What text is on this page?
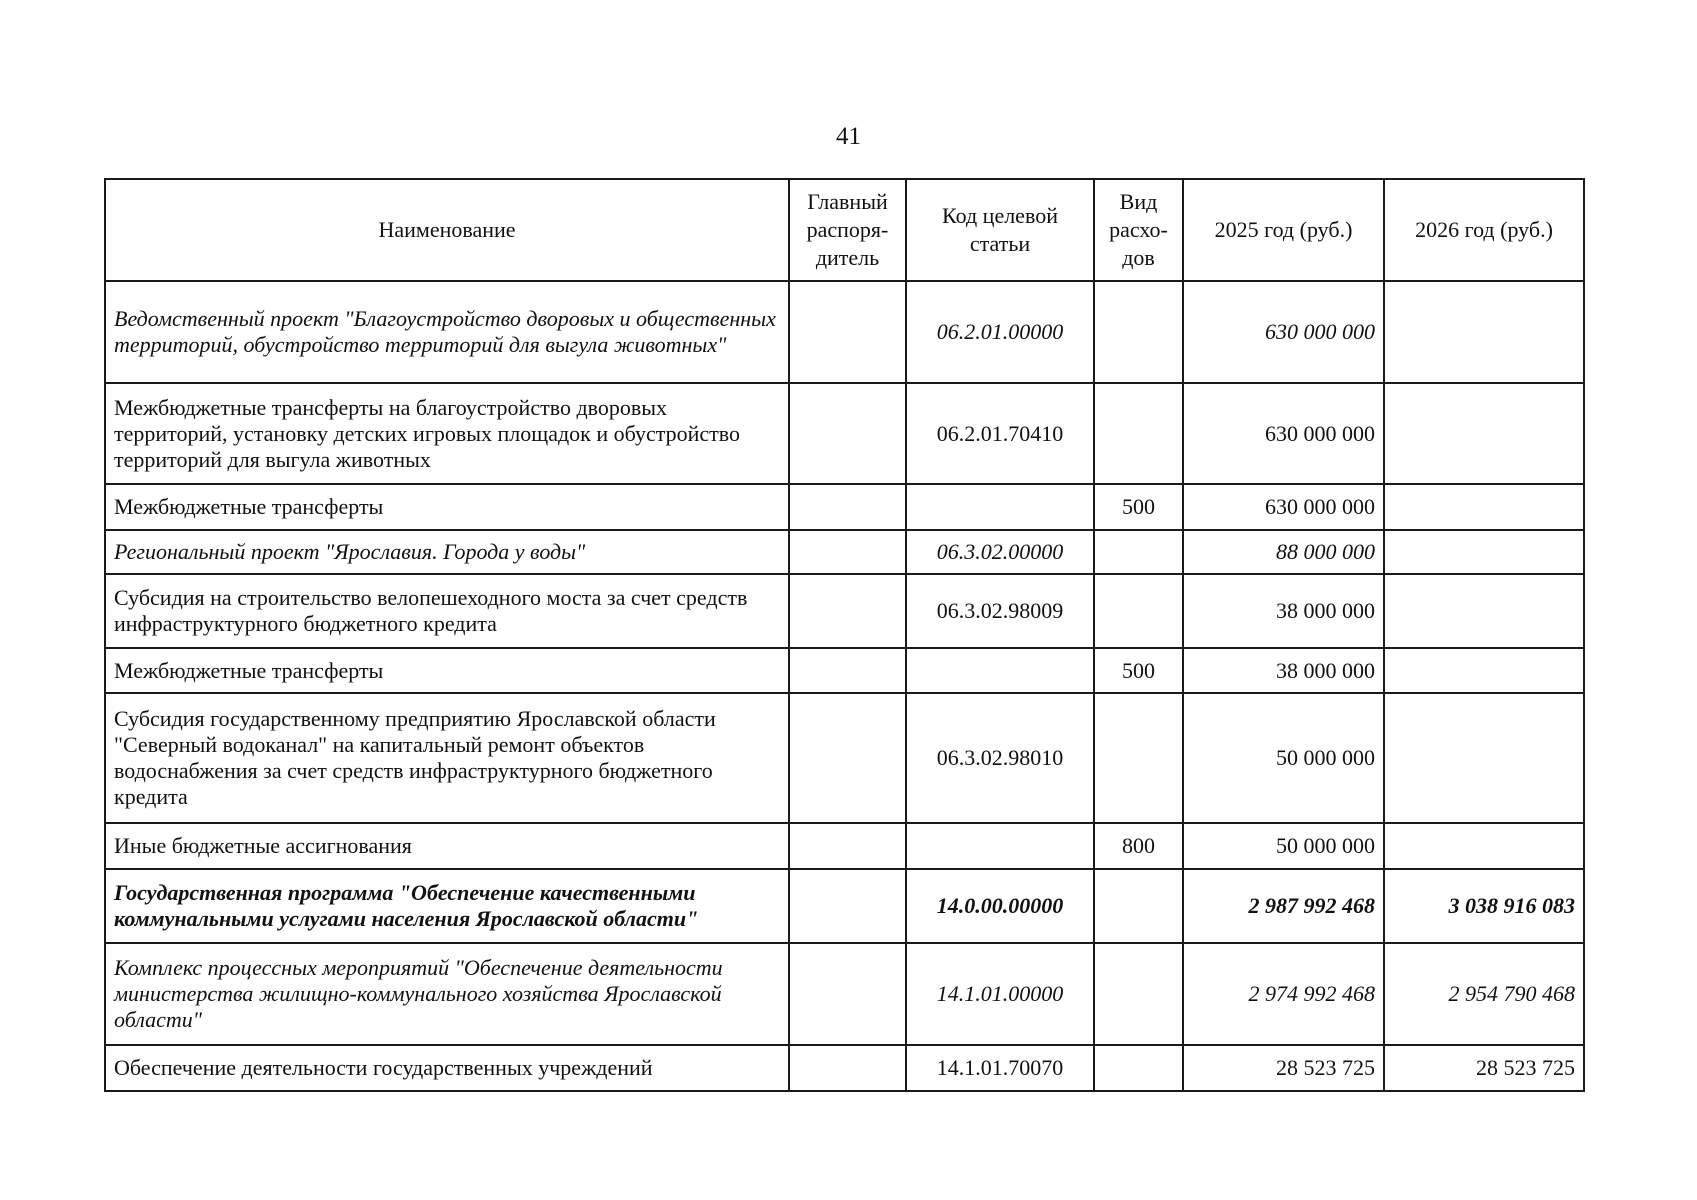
41
Наименование	Главный распоря-дитель	Код целевой статьи	Вид расхо-дов	2025 год (руб.)	2026 год (руб.)
Ведомственный проект "Благоустройство дворовых и общественных территорий, обустройство территорий для выгула животных"		06.2.01.00000		630 000 000	
Межбюджетные трансферты на благоустройство дворовых территорий, установку детских игровых площадок и обустройство территорий для выгула животных		06.2.01.70410		630 000 000	
Межбюджетные трансферты			500	630 000 000	
Региональный проект "Ярославия. Города у воды"		06.3.02.00000		88 000 000	
Субсидия на строительство велопешеходного моста за счет средств инфраструктурного бюджетного кредита		06.3.02.98009		38 000 000	
Межбюджетные трансферты			500	38 000 000	
Субсидия государственному предприятию Ярославской области "Северный водоканал" на капитальный ремонт объектов водоснабжения за счет средств инфраструктурного бюджетного кредита		06.3.02.98010		50 000 000	
Иные бюджетные ассигнования			800	50 000 000	
Государственная программа "Обеспечение качественными коммунальными услугами населения Ярославской области"		14.0.00.00000		2 987 992 468	3 038 916 083
Комплекс процессных мероприятий "Обеспечение деятельности министерства жилищно-коммунального хозяйства Ярославской области"		14.1.01.00000		2 974 992 468	2 954 790 468
Обеспечение деятельности государственных учреждений		14.1.01.70070		28 523 725	28 523 725
